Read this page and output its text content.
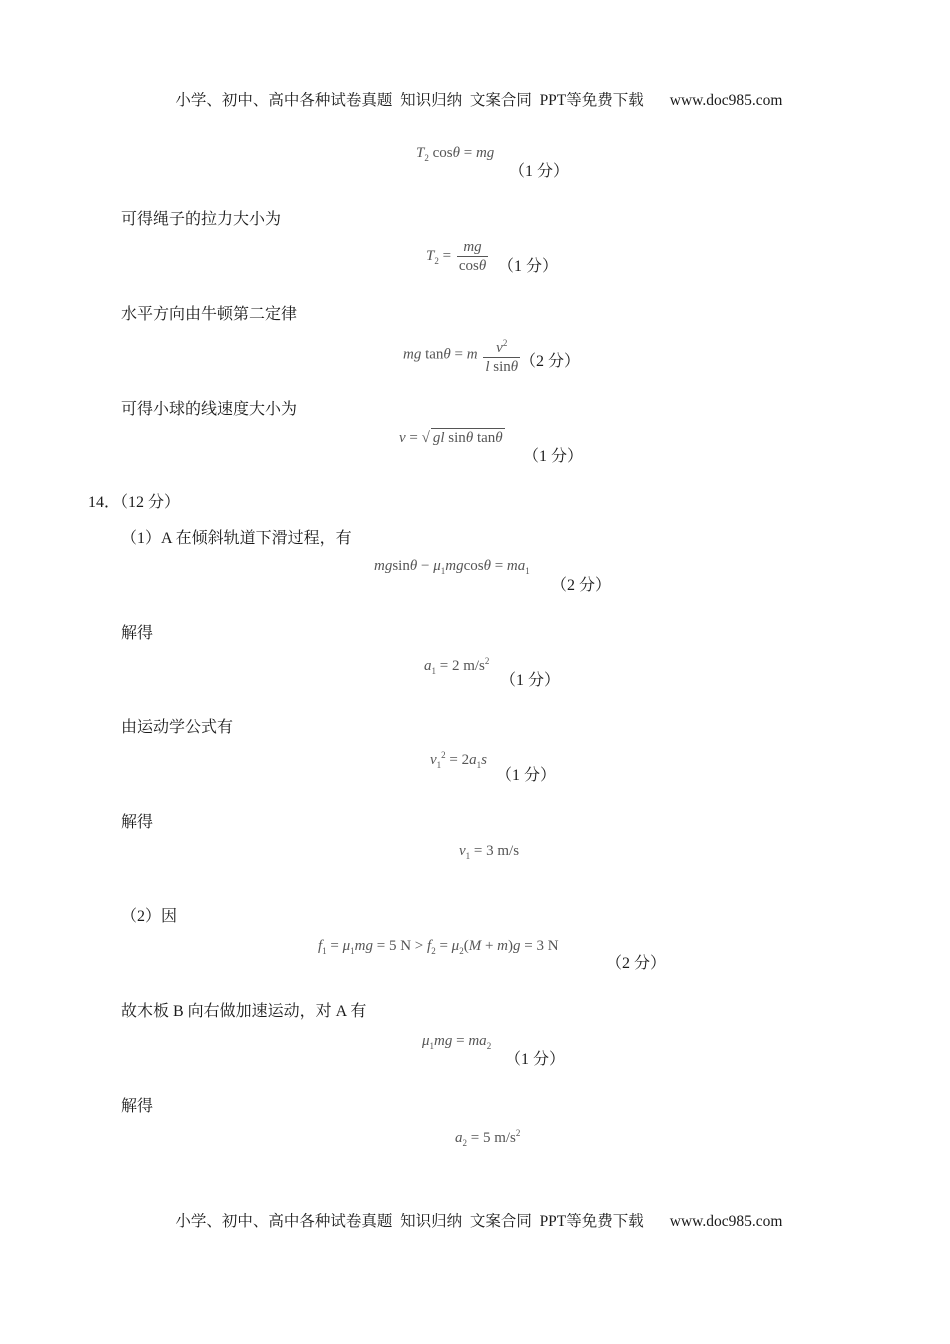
小学、初中、高中各种试卷真题  知识归纳  文案合同  PPT等免费下载 www.doc985.com

$T_2$ cosθ = mg
（1 分）
可得绳子的拉力大小为
$T_2 = \frac{mg}{\cos\theta} (1$ 分）
水平方向由牛顿第二定律
mg tanθ = m $\frac{v^2}{\text{l sinθ}} (2$ 分）
可得小球的线速度大小为
v = √ gl sinθ tanθ
（1 分）
14．（12 分）
（1）A 在倾斜轨道下滑过程，有
$mgsin\theta - \mu_1mgcos\theta = ma_1$
（2 分）
解得
$a_1 = 2$ $m/s^2$
（1 分）
由运动学公式有
$v_1^2 = 2a_1s$
（1 分）
解得
$v_1 = 3$ m/s
（2）因
$f_1 = \mu_1mg = 5$ $N > f_2 = \mu_2(M + m)g = 3$ N
（2 分）
故木板 B 向右做加速运动，对 A 有
$\mu_1mg = ma_2$
（1 分）
解得
$a_2 = 5$ $m/s^2$

小学、初中、高中各种试卷真题  知识归纳  文案合同  PPT等免费下载 www.doc985.com
